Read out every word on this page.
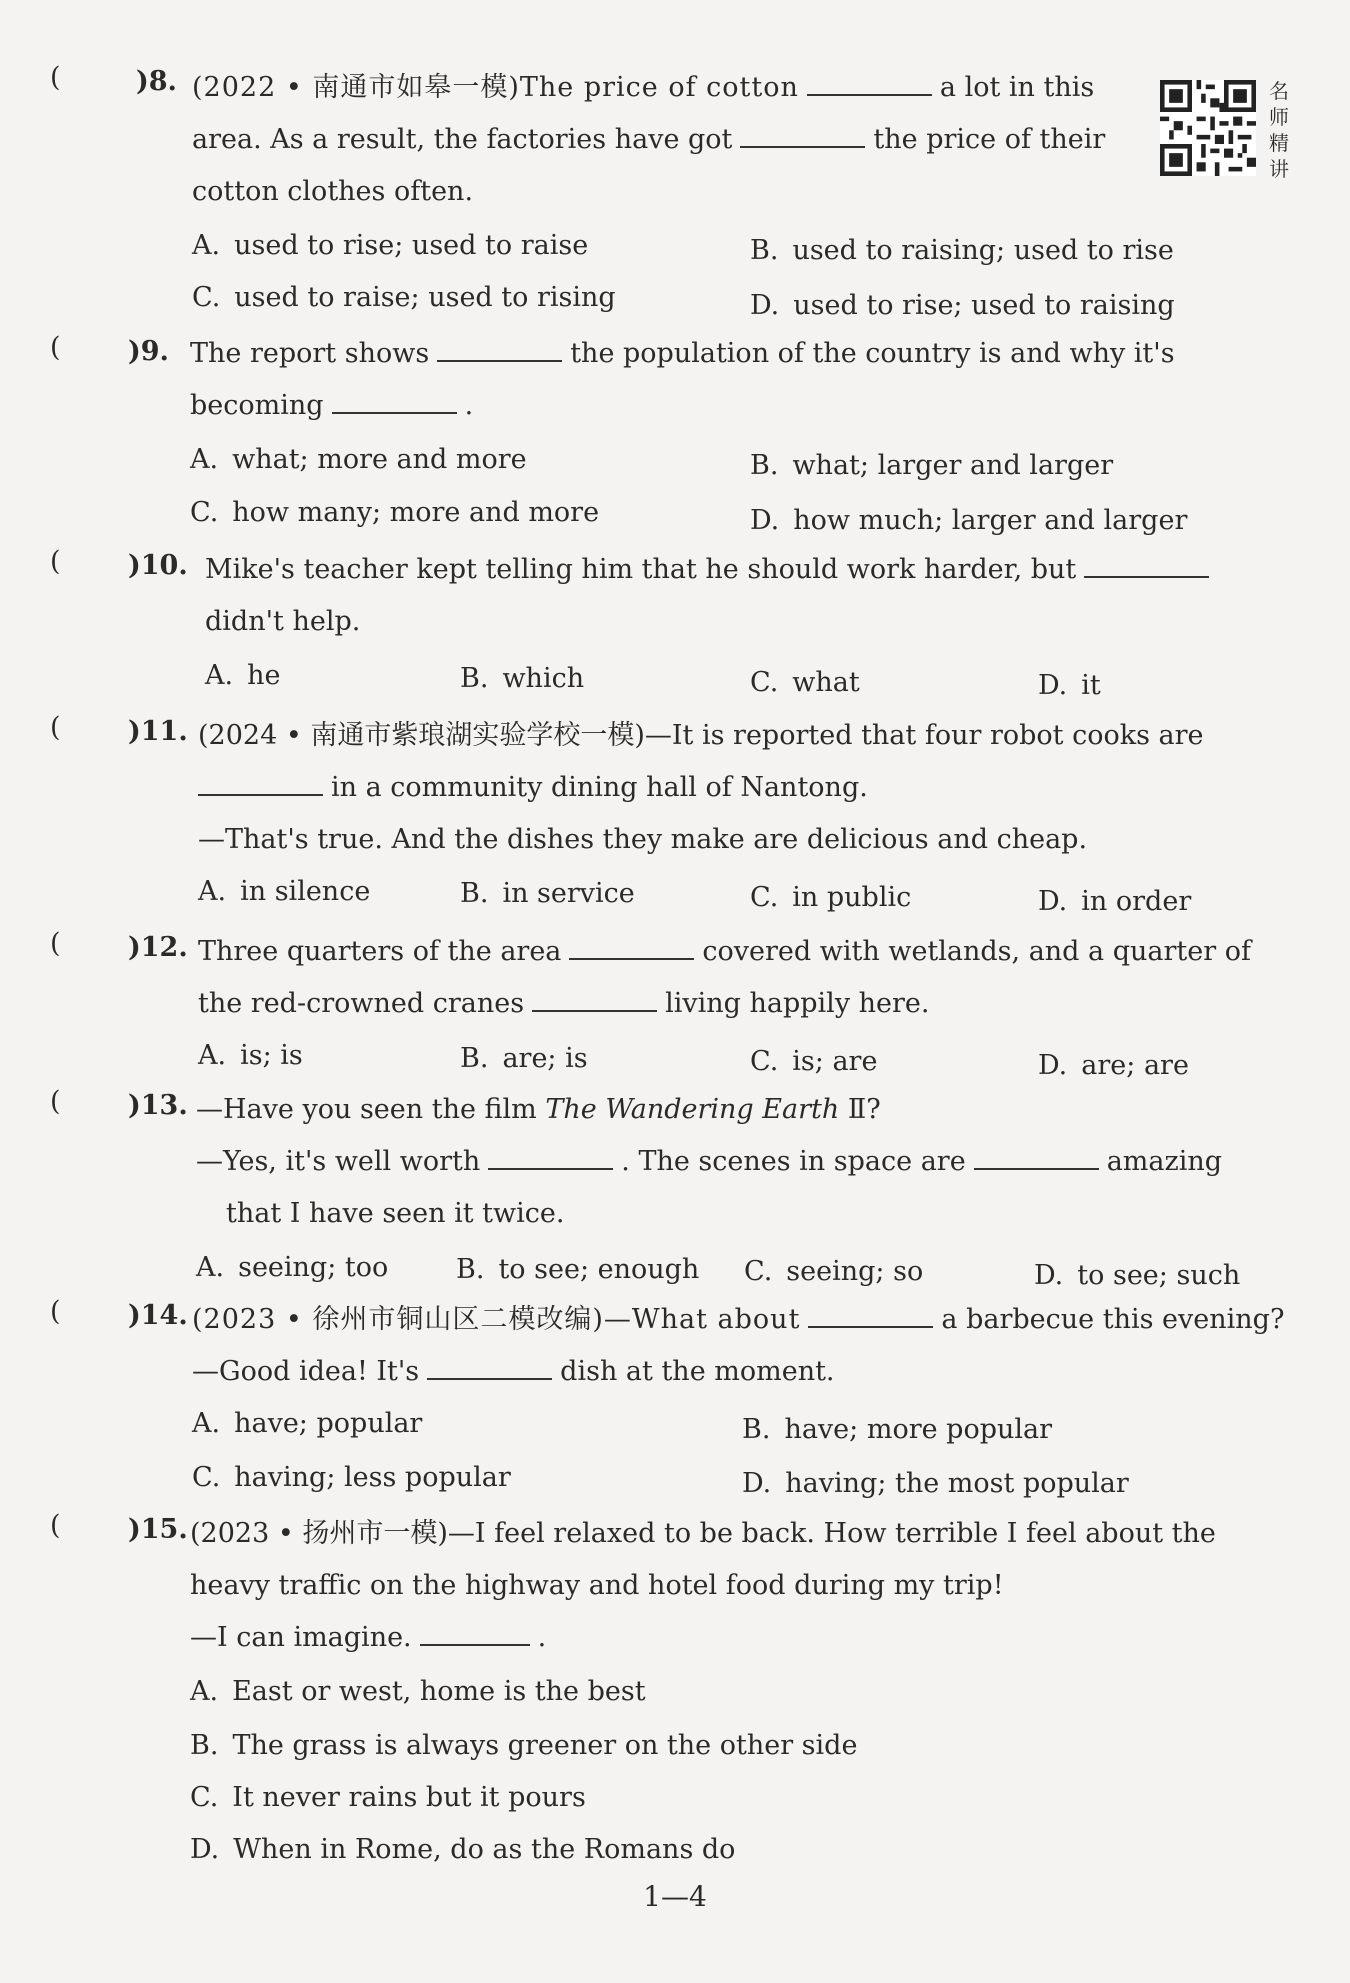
名师精讲
(	)8. (2022 • 南通市如皋一模)The price of cotton	a lot in this
area. As a result, the factories have got	the price of their
cotton clothes often.
A. used to rise; used to raise	B. used to raising; used to rise
C. used to raise; used to rising	D. used to rise; used to raising
( )9. The report shows	the population of the country is and why it's
becoming	.
A. what; more and more	B. what; larger and larger
C. how many; more and more	D. how much; larger and larger
( )10. Mike's teacher kept telling him that he should work harder, but
didn't help.
A. he	B. which	C. what	D. it
( )11. (2024 • 南通市紫琅湖实验学校一模)—It is reported that four robot cooks are
in a community dining hall of Nantong.
—That's true. And the dishes they make are delicious and cheap.
A. in silence	B. in service	C. in public	D. in order
( )12. Three quarters of the area	covered with wetlands, and a quarter of
the red-crowned cranes	living happily here.
A. is; is	B. are; is	C. is; are	D. are; are
( )13. —Have you seen the film The Wandering Earth Ⅱ?
—Yes, it's well worth	. The scenes in space are	amazing
that I have seen it twice.
A. seeing; too	B. to see; enough C. seeing; so	D. to see; such
( )14. (2023 • 徐州市铜山区二模改编)—What about	a barbecue this evening?
—Good idea! It's	dish at the moment.
A. have; popular	B. have; more popular
C. having; less popular	D. having; the most popular
( )15. (2023 • 扬州市一模)—I feel relaxed to be back. How terrible I feel about the
heavy traffic on the highway and hotel food during my trip!
—I can imagine.	.
A. East or west, home is the best
B. The grass is always greener on the other side
C. It never rains but it pours
D. When in Rome, do as the Romans do
1—4
